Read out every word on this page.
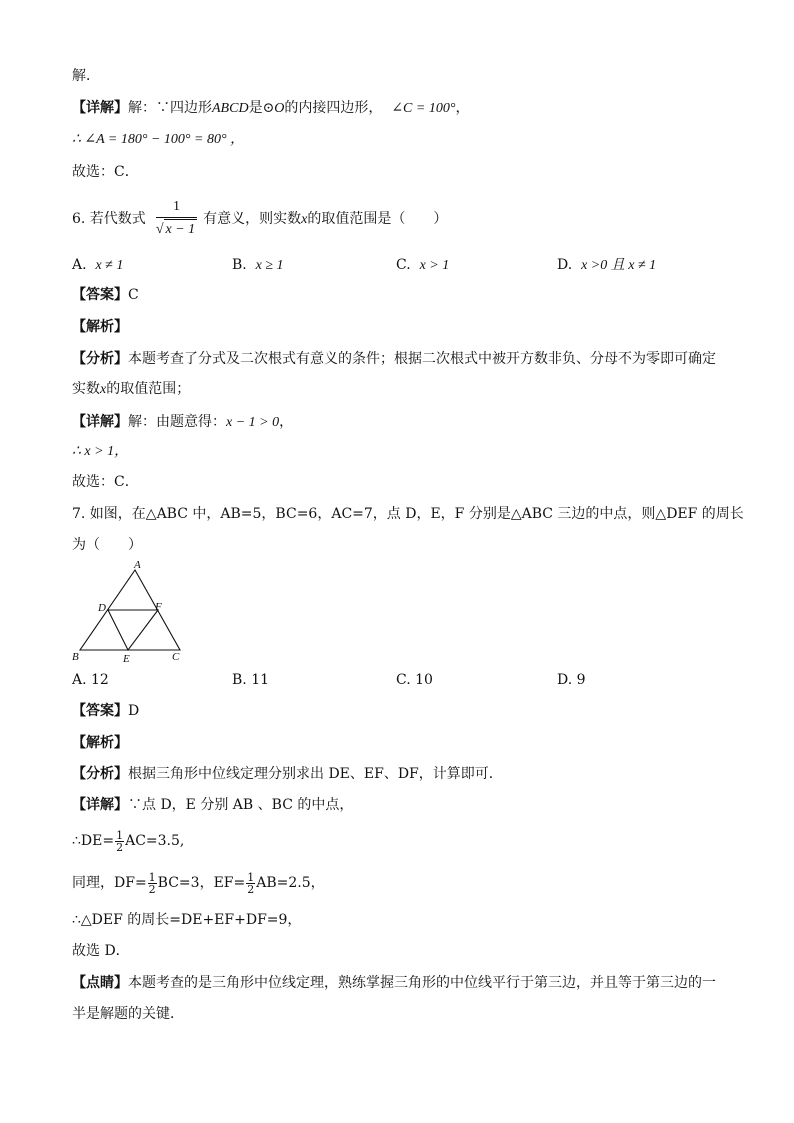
解．
【详解】解：∵四边形ABCD是⊙O的内接四边形， ∠C = 100°，
∴ ∠A = 180° − 100° = 80° ，
故选：C．
6. 若代数式 $\frac{1}{√ x - 1}$ 有意义，则实数x的取值范围是（　　）
A. x ≠ 1	B. x ≥ 1	C. x > 1	D. x >0 且 x ≠ 1
【答案】C
【解析】
【分析】本题考查了分式及二次根式有意义的条件；根据二次根式中被开方数非负、分母不为零即可确定
实数x的取值范围；
【详解】解：由题意得：x − 1 > 0，
∴ x > 1，
故选：C．
7. 如图，在△ABC 中，AB=5，BC=6，AC=7，点 D，E，F 分别是△ABC 三边的中点，则△DEF 的周长
为（　　）
A
B	C
D
E
F
A. 12	B. 11	C. 10	D. 9
【答案】D
【解析】
【分析】根据三角形中位线定理分别求出 DE、EF、DF，计算即可．
【详解】∵点 D，E 分别 AB 、BC 的中点，
∴DE= $\frac{1}{2} AC=3.5$,
同理，$DF= \frac{1}{2} BC=3$，$EF= \frac{1}{2} AB=2.5$，
∴△DEF 的周长=DE+EF+DF=9，
故选 D．
【点睛】本题考查的是三角形中位线定理，熟练掌握三角形的中位线平行于第三边，并且等于第三边的一
半是解题的关键．
